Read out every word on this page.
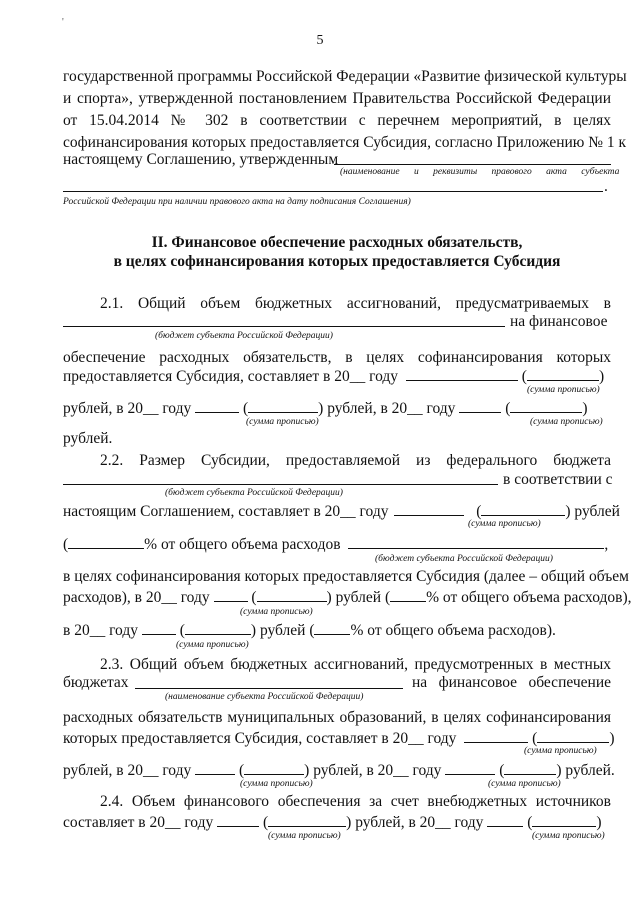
'
5
государственной программы Российской Федерации «Развитие физической культуры
и спорта», утвержденной постановлением Правительства Российской Федерации
от 15.04.2014 № 302 в соответствии с перечнем мероприятий, в целях
софинансирования которых предоставляется Субсидия, согласно Приложению № 1 к
настоящему Соглашению, утвержденным
(наименование и реквизиты правового акта субъекта
.
Российской Федерации при наличии правового акта на дату подписания Соглашения)
II. Финансовое обеспечение расходных обязательств,
в целях софинансирования которых предоставляется Субсидия
2.1. Общий объем бюджетных ассигнований, предусматриваемых в
на финансовое
(бюджет субъекта Российской Федерации)
обеспечение расходных обязательств, в целях софинансирования которых
предоставляется Субсидия, составляет в 20__ году	(	)
(сумма прописью)
рублей, в 20__ году	(	) рублей, в 20__ году	(	)
(сумма прописью)	(сумма прописью)
рублей.
2.2. Размер Субсидии, предоставляемой из федерального бюджета
в соответствии с
(бюджет субъекта Российской Федерации)
настоящим Соглашением, составляет в 20__ году	(	) рублей
(сумма прописью)
(	% от общего объема расходов	,
(бюджет субъекта Российской Федерации)
в целях софинансирования которых предоставляется Субсидия (далее – общий объем
расходов), в 20__ году	(	) рублей ( % от общего объема расходов),
(сумма прописью)
в 20__ году	(	) рублей ( % от общего объема расходов).
(сумма прописью)
2.3. Общий объем бюджетных ассигнований, предусмотренных в местных
бюджетах	на финансовое обеспечение
(наименование субъекта Российской Федерации)
расходных обязательств муниципальных образований, в целях софинансирования
которых предоставляется Субсидия, составляет в 20__ году	(	)
(сумма прописью)
рублей, в 20__ году	(	) рублей, в 20__ году	(	) рублей.
(сумма прописью)	(сумма прописью)
2.4. Объем финансового обеспечения за счет внебюджетных источников
составляет в 20__ году	(	) рублей, в 20__ году	(	)
(сумма прописью)	(сумма прописью)
